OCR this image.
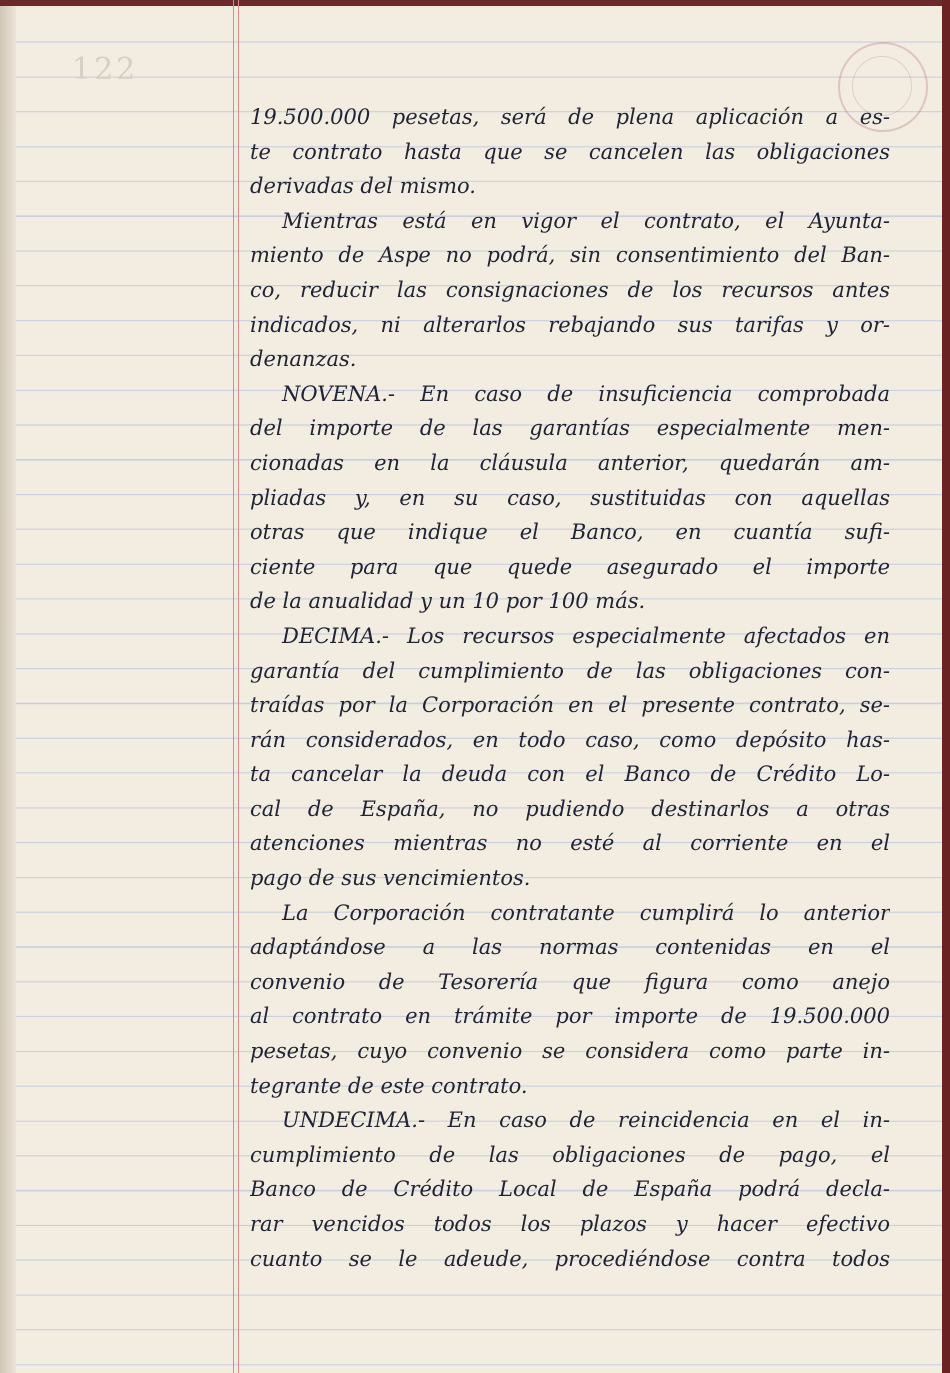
122
19.500.000 pesetas, será de plena aplicación a es-
te contrato hasta que se cancelen las obligaciones
derivadas del mismo.
Mientras está en vigor el contrato, el Ayunta-
miento de Aspe no podrá, sin consentimiento del Ban-
co, reducir las consignaciones de los recursos antes
indicados, ni alterarlos rebajando sus tarifas y or-
denanzas.
NOVENA.- En caso de insuficiencia comprobada
del importe de las garantías especialmente men-
cionadas en la cláusula anterior, quedarán am-
pliadas y, en su caso, sustituidas con aquellas
otras que indique el Banco, en cuantía sufi-
ciente para que quede asegurado el importe
de la anualidad y un 10 por 100 más.
DECIMA.- Los recursos especialmente afectados en
garantía del cumplimiento de las obligaciones con-
traídas por la Corporación en el presente contrato, se-
rán considerados, en todo caso, como depósito has-
ta cancelar la deuda con el Banco de Crédito Lo-
cal de España, no pudiendo destinarlos a otras
atenciones mientras no esté al corriente en el
pago de sus vencimientos.
La Corporación contratante cumplirá lo anterior
adaptándose a las normas contenidas en el
convenio de Tesorería que figura como anejo
al contrato en trámite por importe de 19.500.000
pesetas, cuyo convenio se considera como parte in-
tegrante de este contrato.
UNDECIMA.- En caso de reincidencia en el in-
cumplimiento de las obligaciones de pago, el
Banco de Crédito Local de España podrá decla-
rar vencidos todos los plazos y hacer efectivo
cuanto se le adeude, procediéndose contra todos
